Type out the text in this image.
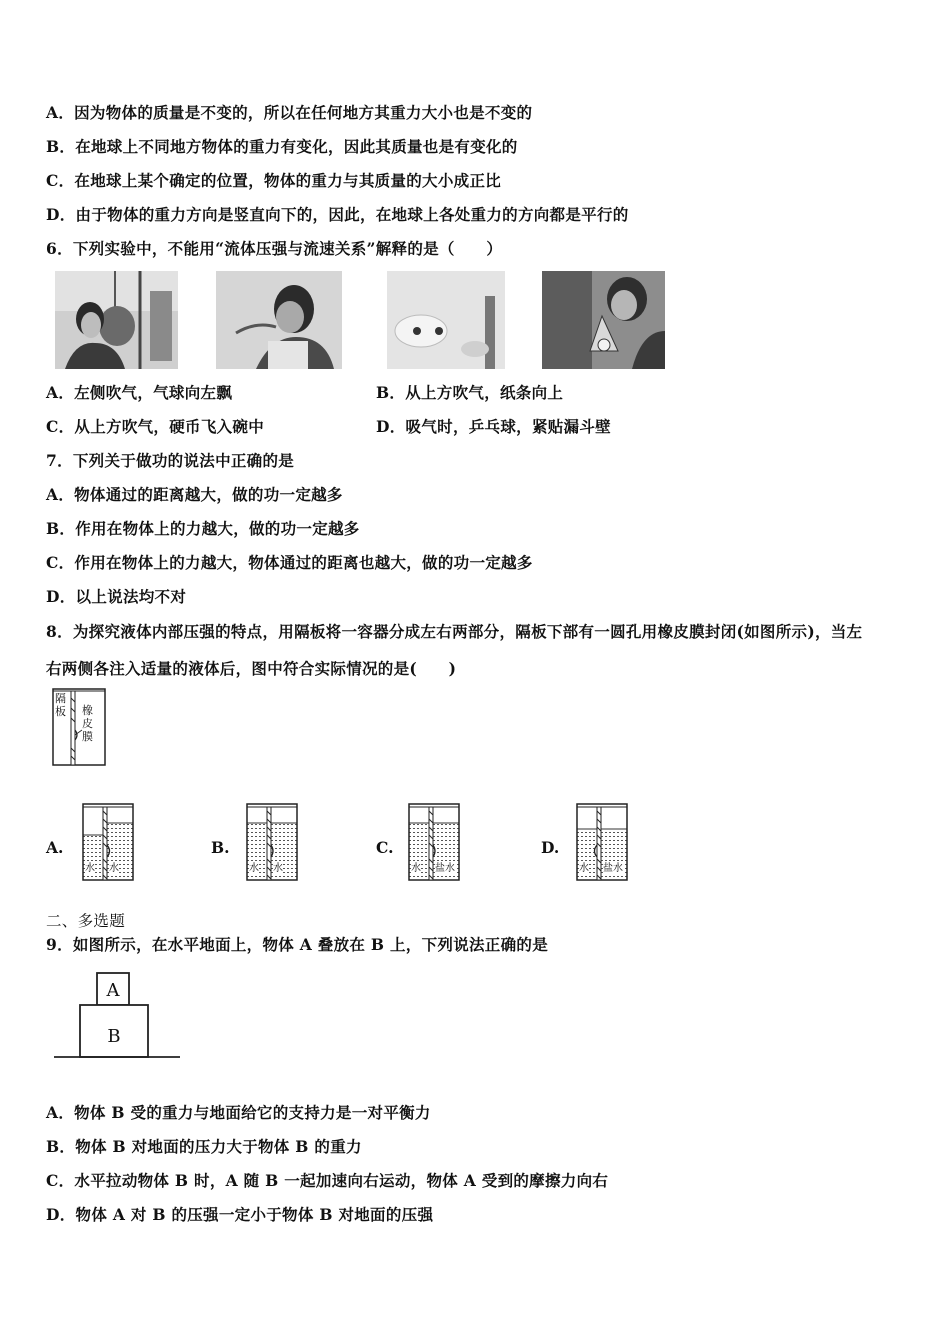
A．因为物体的质量是不变的，所以在任何地方其重力大小也是不变的
B．在地球上不同地方物体的重力有变化，因此其质量也是有变化的
C．在地球上某个确定的位置，物体的重力与其质量的大小成正比
D．由于物体的重力方向是竖直向下的，因此，在地球上各处重力的方向都是平行的
6．下列实验中，不能用“流体压强与流速关系”解释的是（　　）
A．左侧吹气，气球向左飘	B．从上方吹气，纸条向上
C．从上方吹气，硬币飞入碗中	D．吸气时，乒乓球，紧贴漏斗壁
7．下列关于做功的说法中正确的是
A．物体通过的距离越大，做的功一定越多
B．作用在物体上的力越大，做的功一定越多
C．作用在物体上的力越大，物体通过的距离也越大，做的功一定越多
D．以上说法均不对
8．为探究液体内部压强的特点，用隔板将一容器分成左右两部分，隔板下部有一圆孔用橡皮膜封闭(如图所示)，当左
右两侧各注入适量的液体后，图中符合实际情况的是(　　)
隔板 橡皮膜
A.
水 水
B.
水 水
C.
水 盐水
D.
水 盐水
二、多选题
9．如图所示，在水平地面上，物体 A 叠放在 B 上，下列说法正确的是
A
B
A．物体 B 受的重力与地面给它的支持力是一对平衡力
B．物体 B 对地面的压力大于物体 B 的重力
C．水平拉动物体 B 时，A 随 B 一起加速向右运动，物体 A 受到的摩擦力向右
D．物体 A 对 B 的压强一定小于物体 B 对地面的压强
